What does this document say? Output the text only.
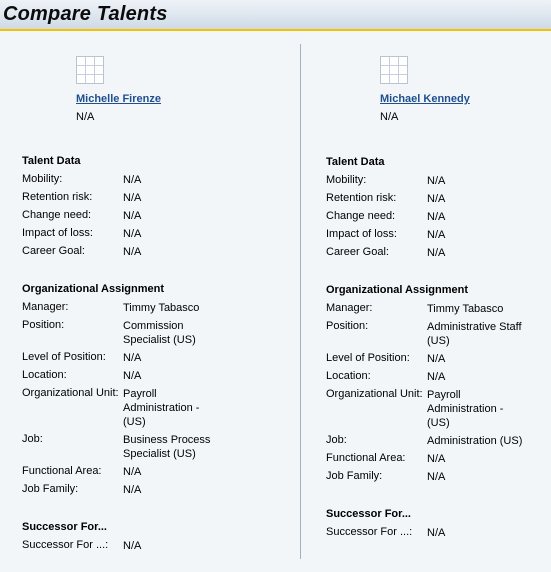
Compare Talents
Michelle Firenze
N/A
Talent Data
Mobility:	N/A
Retention risk:	N/A
Change need:	N/A
Impact of loss:	N/A
Career Goal:	N/A
Organizational Assignment
Manager:	Timmy Tabasco
Position:	Commission Specialist (US)
Level of Position: N/A
Location:	N/A
Organizational Unit: Payroll Administration - (US)
Job:	Business Process Specialist (US)
Functional Area: N/A
Job Family:	N/A
Successor For...
Successor For ...: N/A
Michael Kennedy
N/A
Talent Data
Mobility:	N/A
Retention risk:	N/A
Change need:	N/A
Impact of loss:	N/A
Career Goal:	N/A
Organizational Assignment
Manager:	Timmy Tabasco
Position:	Administrative Staff (US)
Level of Position: N/A
Location:	N/A
Organizational Unit: Payroll Administration - (US)
Job:	Administration (US)
Functional Area: N/A
Job Family:	N/A
Successor For...
Successor For ...: N/A
